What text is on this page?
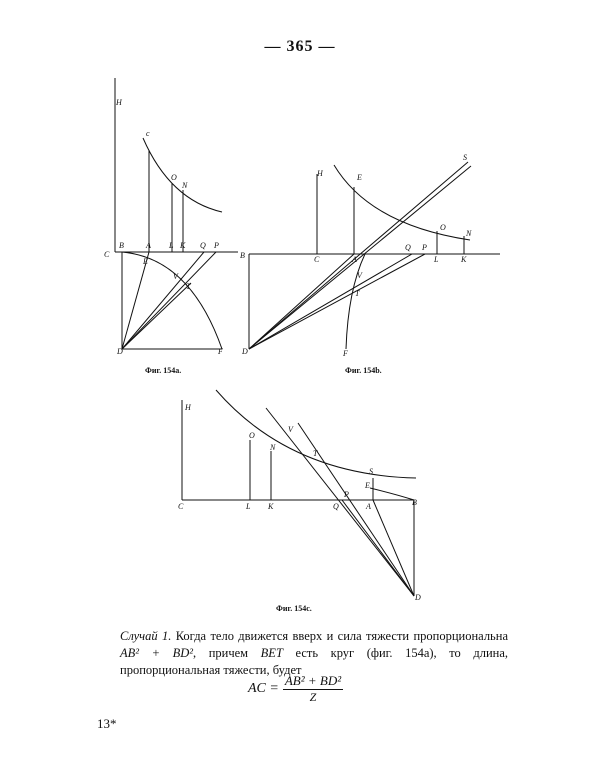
— 365 —
H
C
B	A L K Q P
E
V
T
D	F
c
O
N
Фиг. 154a.
H
B	C	A
Q P
L	K
E
O
N
S
V
T
D	F
Фиг. 154b.
H
C
O
N
L K
V
T
Q
P
A	B
E
S
D
Фиг. 154c.
Случай 1. Когда тело движется вверх и сила тяжести пропорциональна AB² + BD², причем BET есть круг (фиг. 154a), то длина, пропорциональная тяжести, будет
AC = $\frac{\text{AB² + BD²}}{Z}$
13*
